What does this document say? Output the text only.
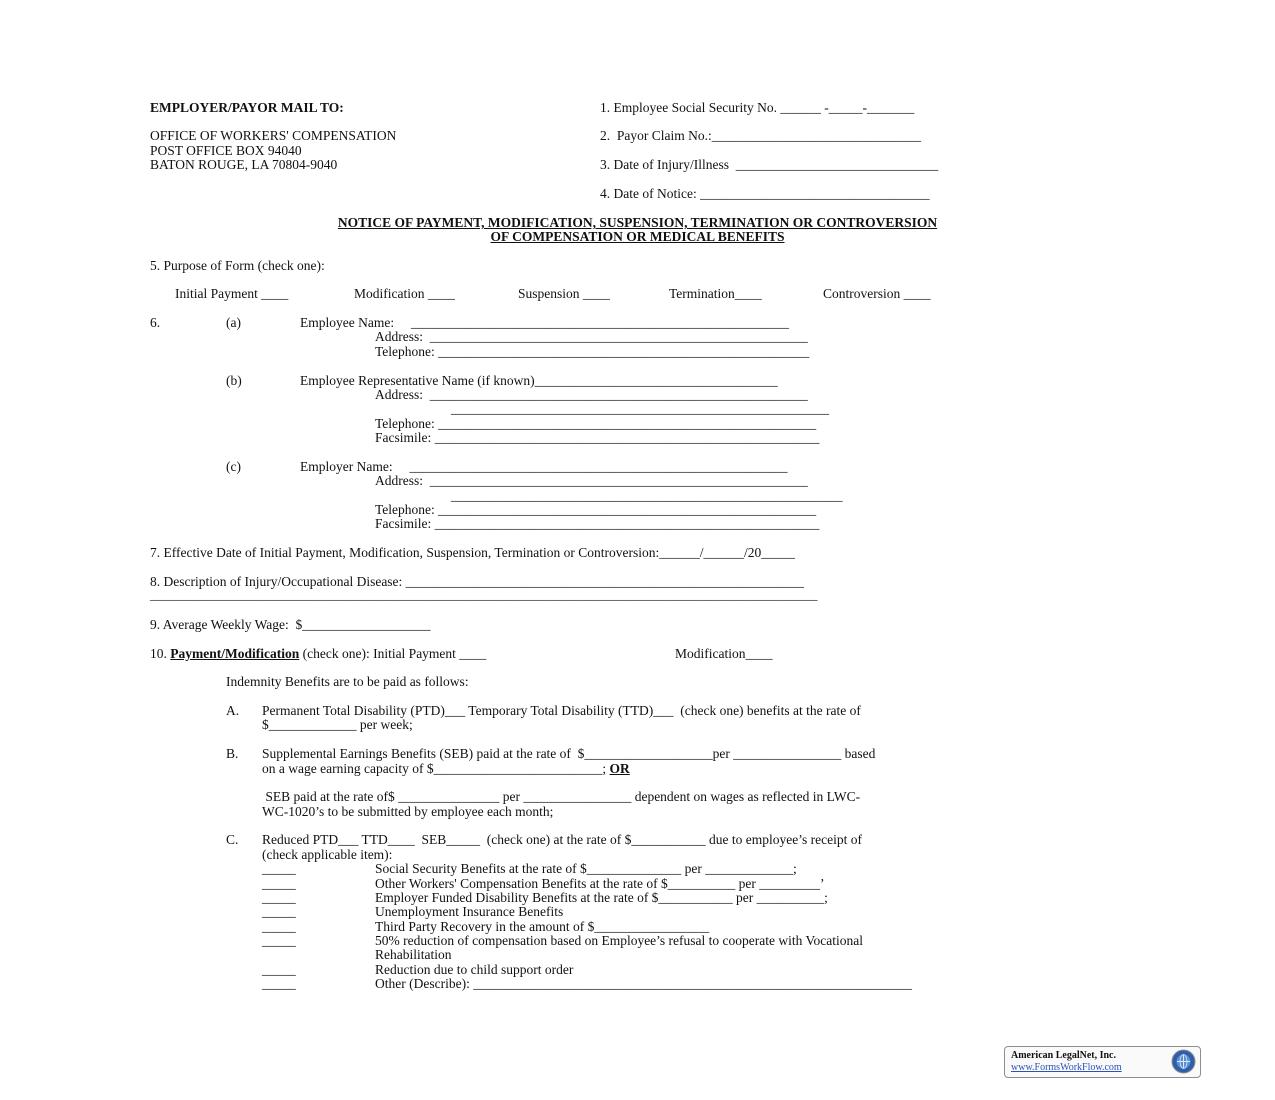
EMPLOYER/PAYOR MAIL TO:
OFFICE OF WORKERS' COMPENSATION
POST OFFICE BOX 94040
BATON ROUGE, LA 70804-9040
1. Employee Social Security No. ______ -_____-_______
2.  Payor Claim No.:_______________________________
3. Date of Injury/Illness  ______________________________
4. Date of Notice: __________________________________
NOTICE OF PAYMENT, MODIFICATION, SUSPENSION, TERMINATION OR CONTROVERSION
OF COMPENSATION OR MEDICAL BENEFITS
5. Purpose of Form (check one):
Initial Payment ____	Modification ____	Suspension ____	Termination____	Controversion ____
6.	(a)	Employee Name:     ________________________________________________________
Address:  ________________________________________________________
Telephone: _______________________________________________________
(b)	Employee Representative Name (if known)____________________________________
Address:  ________________________________________________________
________________________________________________________
Telephone: ________________________________________________________
Facsimile: _________________________________________________________
(c)	Employer Name:     ________________________________________________________
Address:  ________________________________________________________
__________________________________________________________
Telephone: ________________________________________________________
Facsimile: _________________________________________________________
7. Effective Date of Initial Payment, Modification, Suspension, Termination or Controversion:______/______/20_____
8. Description of Injury/Occupational Disease: ___________________________________________________________
__________________________________________________________________________________________________________
9. Average Weekly Wage:  $___________________
10. Payment/Modification (check one): Initial Payment ____	Modification____
Indemnity Benefits are to be paid as follows:
A. Permanent Total Disability (PTD)___ Temporary Total Disability (TTD)___  (check one) benefits at the rate of
$_____________ per week;
B. Supplemental Earnings Benefits (SEB) paid at the rate of  $___________________per ________________ based
on a wage earning capacity of $_________________________; OR
SEB paid at the rate of$ _______________ per ________________ dependent on wages as reflected in LWC-
WC-1020’s to be submitted by employee each month;
C. Reduced PTD___ TTD____  SEB_____  (check one) at the rate of $___________ due to employee’s receipt of
(check applicable item):
_____	Social Security Benefits at the rate of $______________ per _____________;
_____	Other Workers' Compensation Benefits at the rate of $__________ per _________’
_____	Employer Funded Disability Benefits at the rate of $___________ per __________;
_____	Unemployment Insurance Benefits
_____	Third Party Recovery in the amount of $_________________
_____	50% reduction of compensation based on Employee’s refusal to cooperate with Vocational
Rehabilitation
_____	Reduction due to child support order
_____	Other (Describe): _________________________________________________________________
American LegalNet, Inc.
www.FormsWorkFlow.com
